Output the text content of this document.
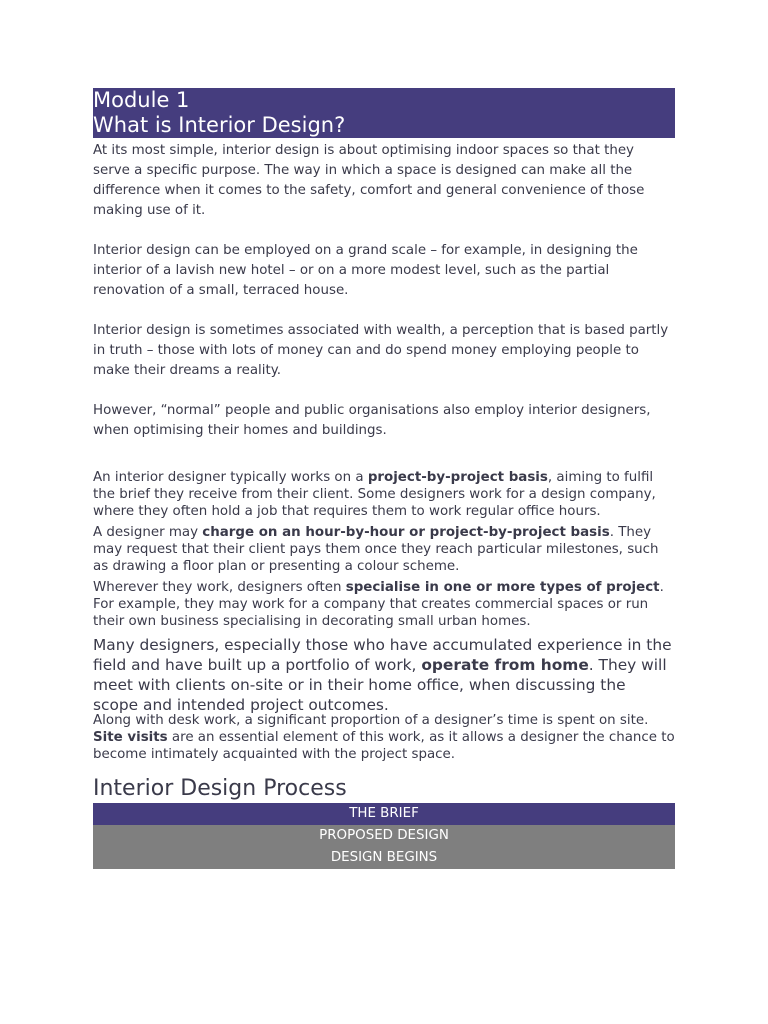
Module 1
What is Interior Design?

At its most simple, interior design is about optimising indoor spaces so that they serve a specific purpose. The way in which a space is designed can make all the difference when it comes to the safety, comfort and general convenience of those making use of it.

Interior design can be employed on a grand scale – for example, in designing the interior of a lavish new hotel – or on a more modest level, such as the partial renovation of a small, terraced house.

Interior design is sometimes associated with wealth, a perception that is based partly in truth – those with lots of money can and do spend money employing people to make their dreams a reality.

However, “normal” people and public organisations also employ interior designers, when optimising their homes and buildings.

An interior designer typically works on a project-by-project basis, aiming to fulfil the brief they receive from their client. Some designers work for a design company, where they often hold a job that requires them to work regular office hours.

A designer may charge on an hour-by-hour or project-by-project basis. They may request that their client pays them once they reach particular milestones, such as drawing a floor plan or presenting a colour scheme.

Wherever they work, designers often specialise in one or more types of project. For example, they may work for a company that creates commercial spaces or run their own business specialising in decorating small urban homes.

Many designers, especially those who have accumulated experience in the field and have built up a portfolio of work, operate from home. They will meet with clients on-site or in their home office, when discussing the scope and intended project outcomes.

Along with desk work, a significant proportion of a designer’s time is spent on site. Site visits are an essential element of this work, as it allows a designer the chance to become intimately acquainted with the project space.

Interior Design Process
THE BRIEF
PROPOSED DESIGN
DESIGN BEGINS
